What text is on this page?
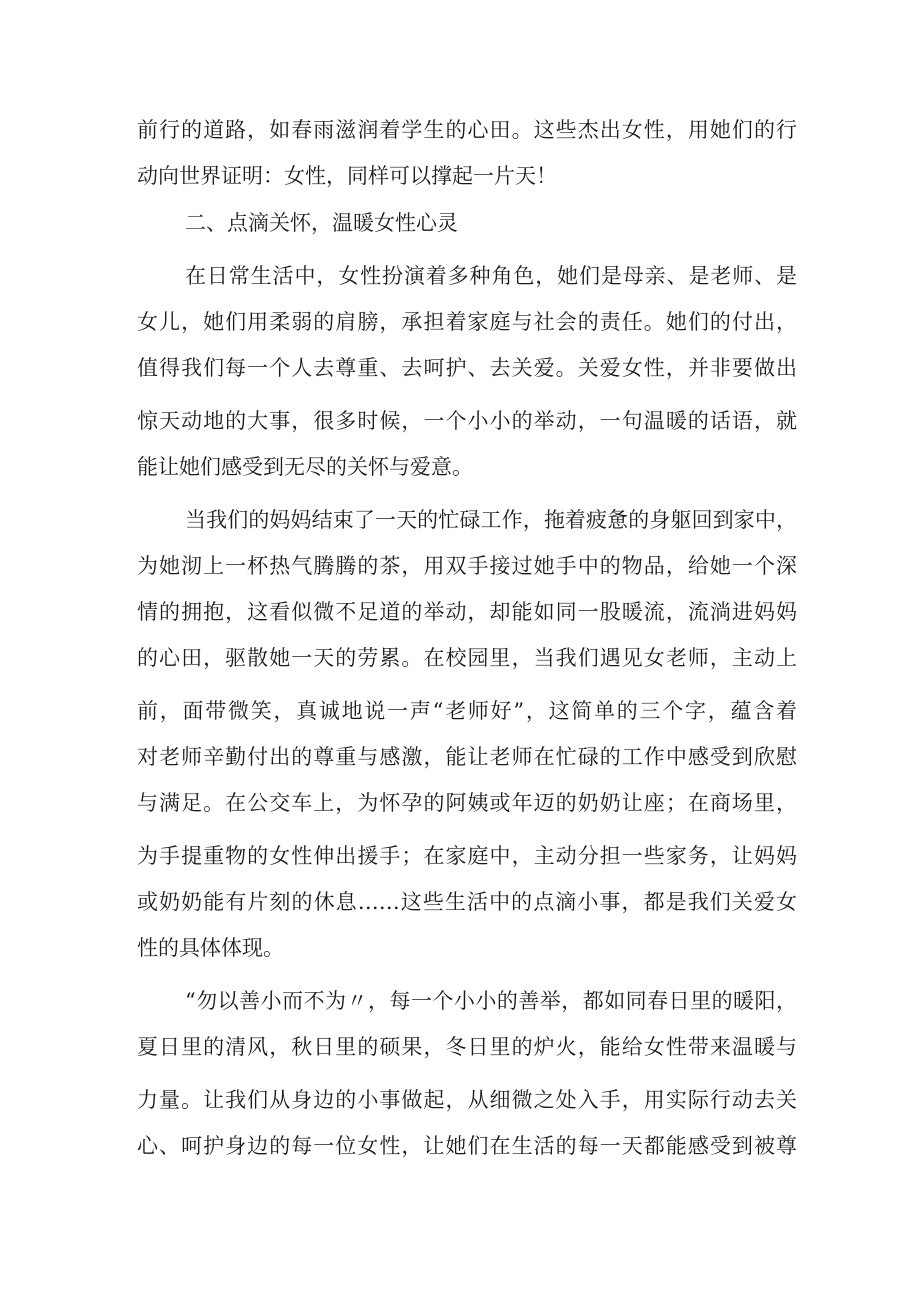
前行的道路，如春雨滋润着学生的心田。这些杰出女性，用她们的行
动向世界证明：女性，同样可以撑起一片天！
二、点滴关怀，温暖女性心灵
在日常生活中，女性扮演着多种角色，她们是母亲、是老师、是
女儿，她们用柔弱的肩膀，承担着家庭与社会的责任。她们的付出，
值得我们每一个人去尊重、去呵护、去关爱。关爱女性，并非要做出
惊天动地的大事，很多时候，一个小小的举动，一句温暖的话语，就
能让她们感受到无尽的关怀与爱意。
当我们的妈妈结束了一天的忙碌工作，拖着疲惫的身躯回到家中，
为她沏上一杯热气腾腾的茶，用双手接过她手中的物品，给她一个深
情的拥抱，这看似微不足道的举动，却能如同一股暖流，流淌进妈妈
的心田，驱散她一天的劳累。在校园里，当我们遇见女老师，主动上
前，面带微笑，真诚地说一声“老师好”，这简单的三个字，蕴含着
对老师辛勤付出的尊重与感激，能让老师在忙碌的工作中感受到欣慰
与满足。在公交车上，为怀孕的阿姨或年迈的奶奶让座；在商场里，
为手提重物的女性伸出援手；在家庭中，主动分担一些家务，让妈妈
或奶奶能有片刻的休息……这些生活中的点滴小事，都是我们关爱女
性的具体体现。
“勿以善小而不为〃，每一个小小的善举，都如同春日里的暖阳，
夏日里的清风，秋日里的硕果，冬日里的炉火，能给女性带来温暖与
力量。让我们从身边的小事做起，从细微之处入手，用实际行动去关
心、呵护身边的每一位女性，让她们在生活的每一天都能感受到被尊
